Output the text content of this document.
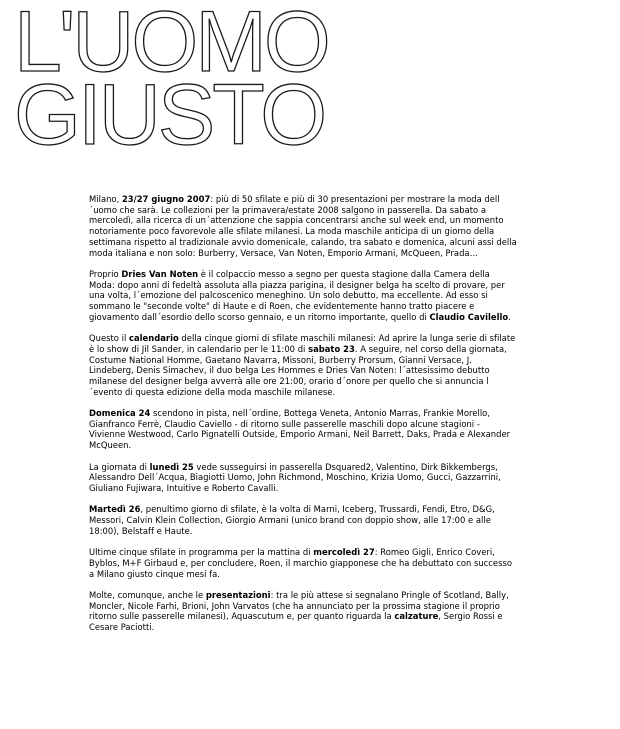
L'UOMO
GIUSTO

Milano, 23/27 giugno 2007: più di 50 sfilate e più di 30 presentazioni per mostrare la moda dell´uomo che sarà. Le collezioni per la primavera/estate 2008 salgono in passerella. Da sabato a mercoledì, alla ricerca di un´attenzione che sappia concentrarsi anche sul week end, un momento notoriamente poco favorevole alle sfilate milanesi. La moda maschile anticipa di un giorno della settimana rispetto al tradizionale avvio domenicale, calando, tra sabato e domenica, alcuni assi della moda italiana e non solo: Burberry, Versace, Van Noten, Emporio Armani, McQueen, Prada…

Proprio Dries Van Noten è il colpaccio messo a segno per questa stagione dalla Camera della Moda: dopo anni di fedeltà assoluta alla piazza parigina, il designer belga ha scelto di provare, per una volta, l´emozione del palcoscenico meneghino. Un solo debutto, ma eccellente. Ad esso si sommano le "seconde volte" di Haute e di Roen, che evidentemente hanno tratto piacere e giovamento dall´esordio dello scorso gennaio, e un ritorno importante, quello di Claudio Cavilello.

Questo il calendario della cinque giorni di sfilate maschili milanesi: Ad aprire la lunga serie di sfilate è lo show di Jil Sander, in calendario per le 11:00 di sabato 23. A seguire, nel corso della giornata, Costume National Homme, Gaetano Navarra, Missoni, Burberry Prorsum, Gianni Versace, J. Lindeberg, Denis Simachev, il duo belga Les Hommes e Dries Van Noten: l´attesissimo debutto milanese del designer belga avverrà alle ore 21:00, orario d´onore per quello che si annuncia l´evento di questa edizione della moda maschile milanese.

Domenica 24 scendono in pista, nell´ordine, Bottega Veneta, Antonio Marras, Frankie Morello, Gianfranco Ferrè, Claudio Caviello - di ritorno sulle passerelle maschili dopo alcune stagioni - Vivienne Westwood, Carlo Pignatelli Outside, Emporio Armani, Neil Barrett, Daks, Prada e Alexander McQueen.

La giornata di lunedì 25 vede susseguirsi in passerella Dsquared2, Valentino, Dirk Bikkembergs, Alessandro Dell´Acqua, Biagiotti Uomo, John Richmond, Moschino, Krizia Uomo, Gucci, Gazzarrini, Giuliano Fujiwara, Intuitive e Roberto Cavalli.

Martedì 26, penultimo giorno di sfilate, è la volta di Marni, Iceberg, Trussardi, Fendi, Etro, D&G, Messori, Calvin Klein Collection, Giorgio Armani (unico brand con doppio show, alle 17:00 e alle 18:00), Belstaff e Haute.

Ultime cinque sfilate in programma per la mattina di mercoledì 27: Romeo Gigli, Enrico Coveri, Byblos, M+F Girbaud e, per concludere, Roen, il marchio giapponese che ha debuttato con successo a Milano giusto cinque mesi fa.

Molte, comunque, anche le presentazioni: tra le più attese si segnalano Pringle of Scotland, Bally, Moncler, Nicole Farhi, Brioni, John Varvatos (che ha annunciato per la prossima stagione il proprio ritorno sulle passerelle milanesi), Aquascutum e, per quanto riguarda la calzature, Sergio Rossi e Cesare Paciotti.
